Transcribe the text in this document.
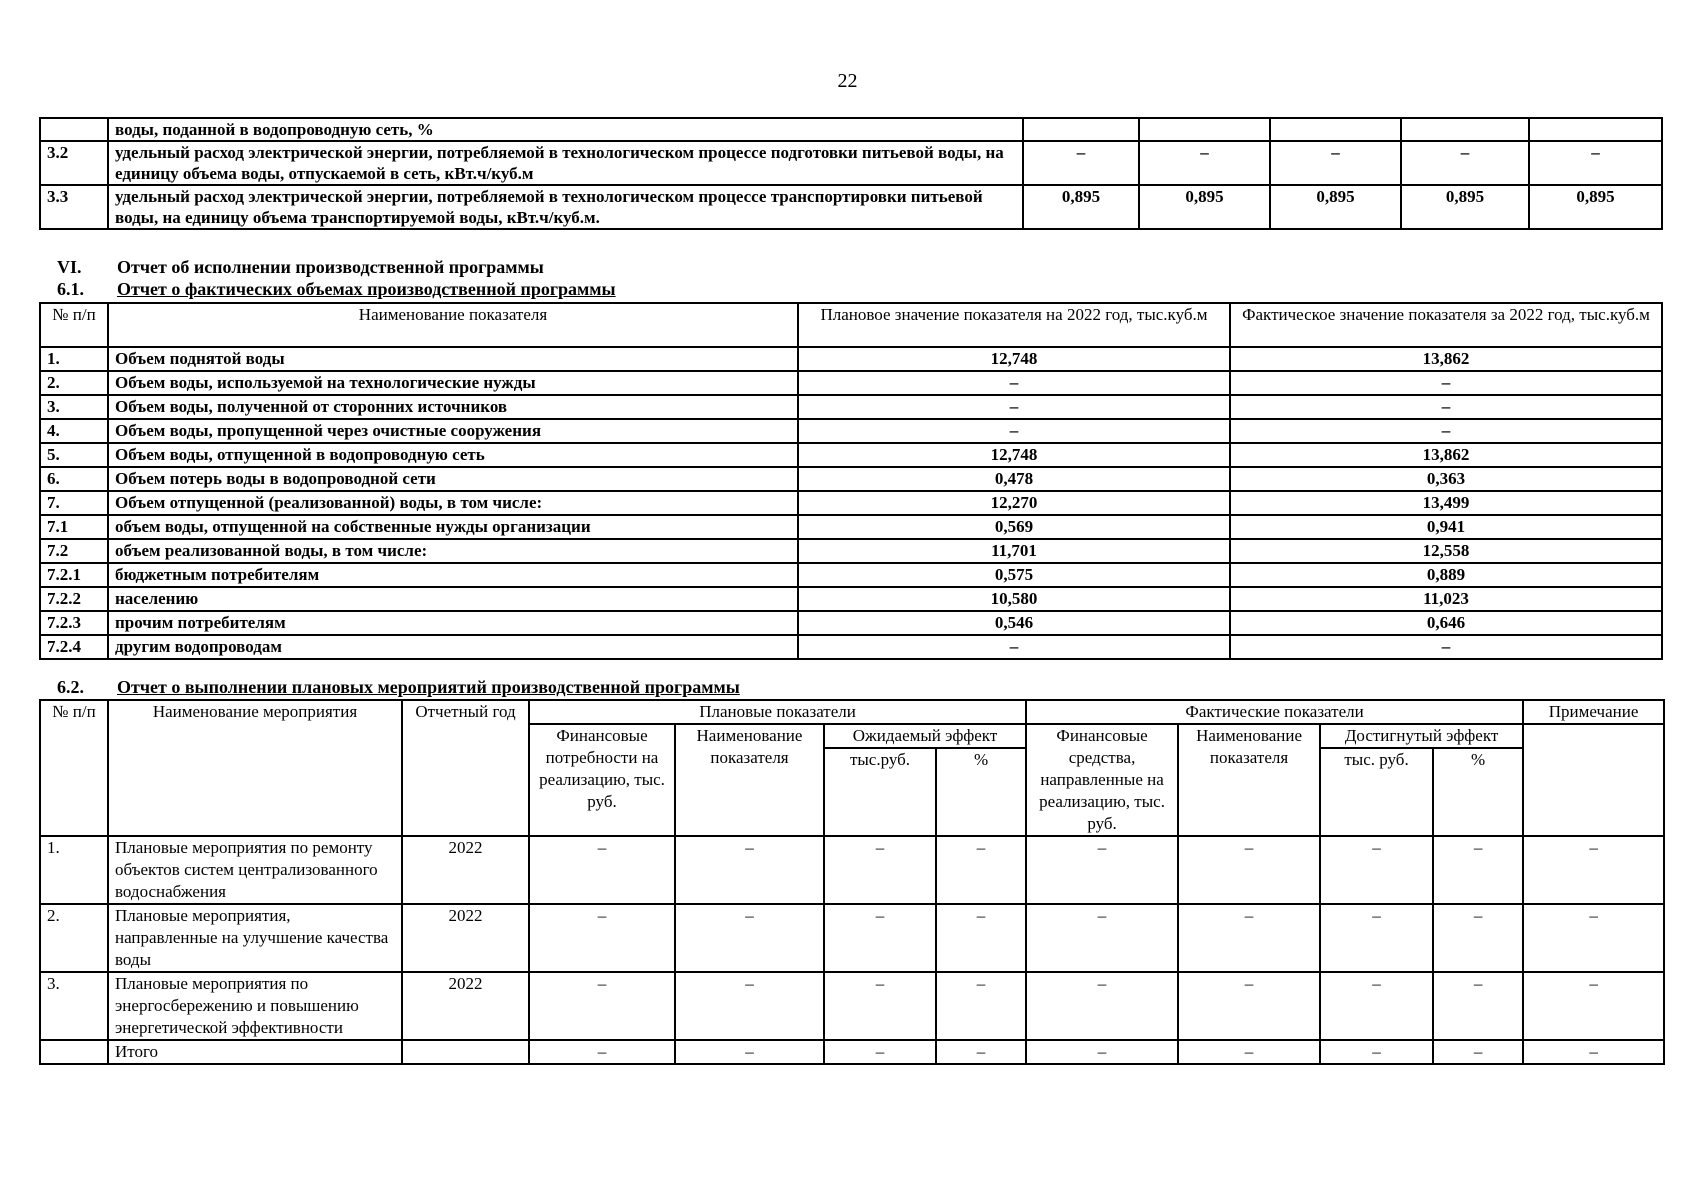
22
	воды, поданной в водопроводную сеть, %					
3.2	удельный расход электрической энергии, потребляемой в технологическом процессе подготовки питьевой воды, на единицу объема воды, отпускаемой в сеть, кВт.ч/куб.м	–	–	–	–	–
3.3	удельный расход электрической энергии, потребляемой в технологическом процессе транспортировки питьевой воды, на единицу объема транспортируемой воды, кВт.ч/куб.м.	0,895	0,895	0,895	0,895	0,895
VI. Отчет об исполнении производственной программы
6.1. Отчет о фактических объемах производственной программы
№ п/п	Наименование показателя	Плановое значение показателя на 2022 год, тыс.куб.м	Фактическое значение показателя за 2022 год, тыс.куб.м
1.	Объем поднятой воды	12,748	13,862
2.	Объем воды, используемой на технологические нужды	–	–
3.	Объем воды, полученной от сторонних источников	–	–
4.	Объем воды, пропущенной через очистные сооружения	–	–
5.	Объем воды, отпущенной в водопроводную сеть	12,748	13,862
6.	Объем потерь воды в водопроводной сети	0,478	0,363
7.	Объем отпущенной (реализованной) воды, в том числе:	12,270	13,499
7.1	объем воды, отпущенной на собственные нужды организации	0,569	0,941
7.2	объем реализованной воды, в том числе:	11,701	12,558
7.2.1	бюджетным потребителям	0,575	0,889
7.2.2	населению	10,580	11,023
7.2.3	прочим потребителям	0,546	0,646
7.2.4	другим водопроводам	–	–
6.2. Отчет о выполнении плановых мероприятий производственной программы
№ п/п	Наименование мероприятия	Отчетный год	Плановые показатели				Фактические показатели				Примечание
			Финансовые потребности на реализацию, тыс. руб.	Наименование показателя	Ожидаемый эффект		Финансовые средства, направленные на реализацию, тыс. руб.	Наименование показателя	Достигнутый эффект		
					тыс.руб.	%			тыс. руб.	%	
1.	Плановые мероприятия по ремонту объектов систем централизованного водоснабжения	2022	–	–	–	–	–	–	–	–	–
2.	Плановые мероприятия, направленные на улучшение качества воды	2022	–	–	–	–	–	–	–	–	–
3.	Плановые мероприятия по энергосбережению и повышению энергетической эффективности	2022	–	–	–	–	–	–	–	–	–
	Итого		–	–	–	–	–	–	–	–	–
